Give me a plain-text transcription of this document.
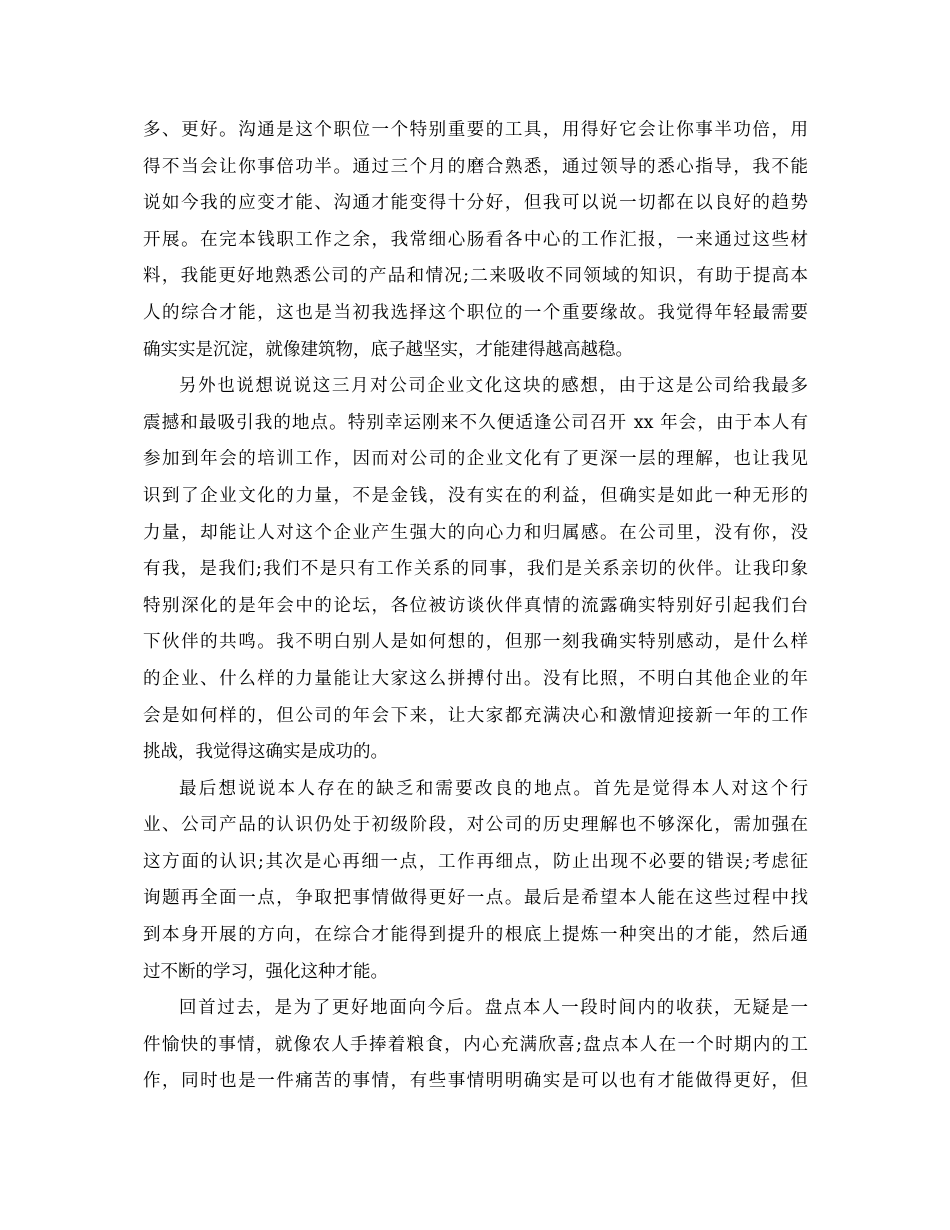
多、更好。沟通是这个职位一个特别重要的工具，用得好它会让你事半功倍，用
得不当会让你事倍功半。通过三个月的磨合熟悉，通过领导的悉心指导，我不能
说如今我的应变才能、沟通才能变得十分好，但我可以说一切都在以良好的趋势
开展。在完本钱职工作之余，我常细心肠看各中心的工作汇报，一来通过这些材
料，我能更好地熟悉公司的产品和情况;二来吸收不同领域的知识，有助于提高本
人的综合才能，这也是当初我选择这个职位的一个重要缘故。我觉得年轻最需要
确实实是沉淀，就像建筑物，底子越坚实，才能建得越高越稳。
另外也说想说说这三月对公司企业文化这块的感想，由于这是公司给我最多
震撼和最吸引我的地点。特别幸运刚来不久便适逢公司召开 xx 年会，由于本人有
参加到年会的培训工作，因而对公司的企业文化有了更深一层的理解，也让我见
识到了企业文化的力量，不是金钱，没有实在的利益，但确实是如此一种无形的
力量，却能让人对这个企业产生强大的向心力和归属感。在公司里，没有你，没
有我，是我们;我们不是只有工作关系的同事，我们是关系亲切的伙伴。让我印象
特别深化的是年会中的论坛，各位被访谈伙伴真情的流露确实特别好引起我们台
下伙伴的共鸣。我不明白别人是如何想的，但那一刻我确实特别感动，是什么样
的企业、什么样的力量能让大家这么拼搏付出。没有比照，不明白其他企业的年
会是如何样的，但公司的年会下来，让大家都充满决心和激情迎接新一年的工作
挑战，我觉得这确实是成功的。
最后想说说本人存在的缺乏和需要改良的地点。首先是觉得本人对这个行
业、公司产品的认识仍处于初级阶段，对公司的历史理解也不够深化，需加强在
这方面的认识;其次是心再细一点，工作再细点，防止出现不必要的错误;考虑征
询题再全面一点，争取把事情做得更好一点。最后是希望本人能在这些过程中找
到本身开展的方向，在综合才能得到提升的根底上提炼一种突出的才能，然后通
过不断的学习，强化这种才能。
回首过去，是为了更好地面向今后。盘点本人一段时间内的收获，无疑是一
件愉快的事情，就像农人手捧着粮食，内心充满欣喜;盘点本人在一个时期内的工
作，同时也是一件痛苦的事情，有些事情明明确实是可以也有才能做得更好，但
